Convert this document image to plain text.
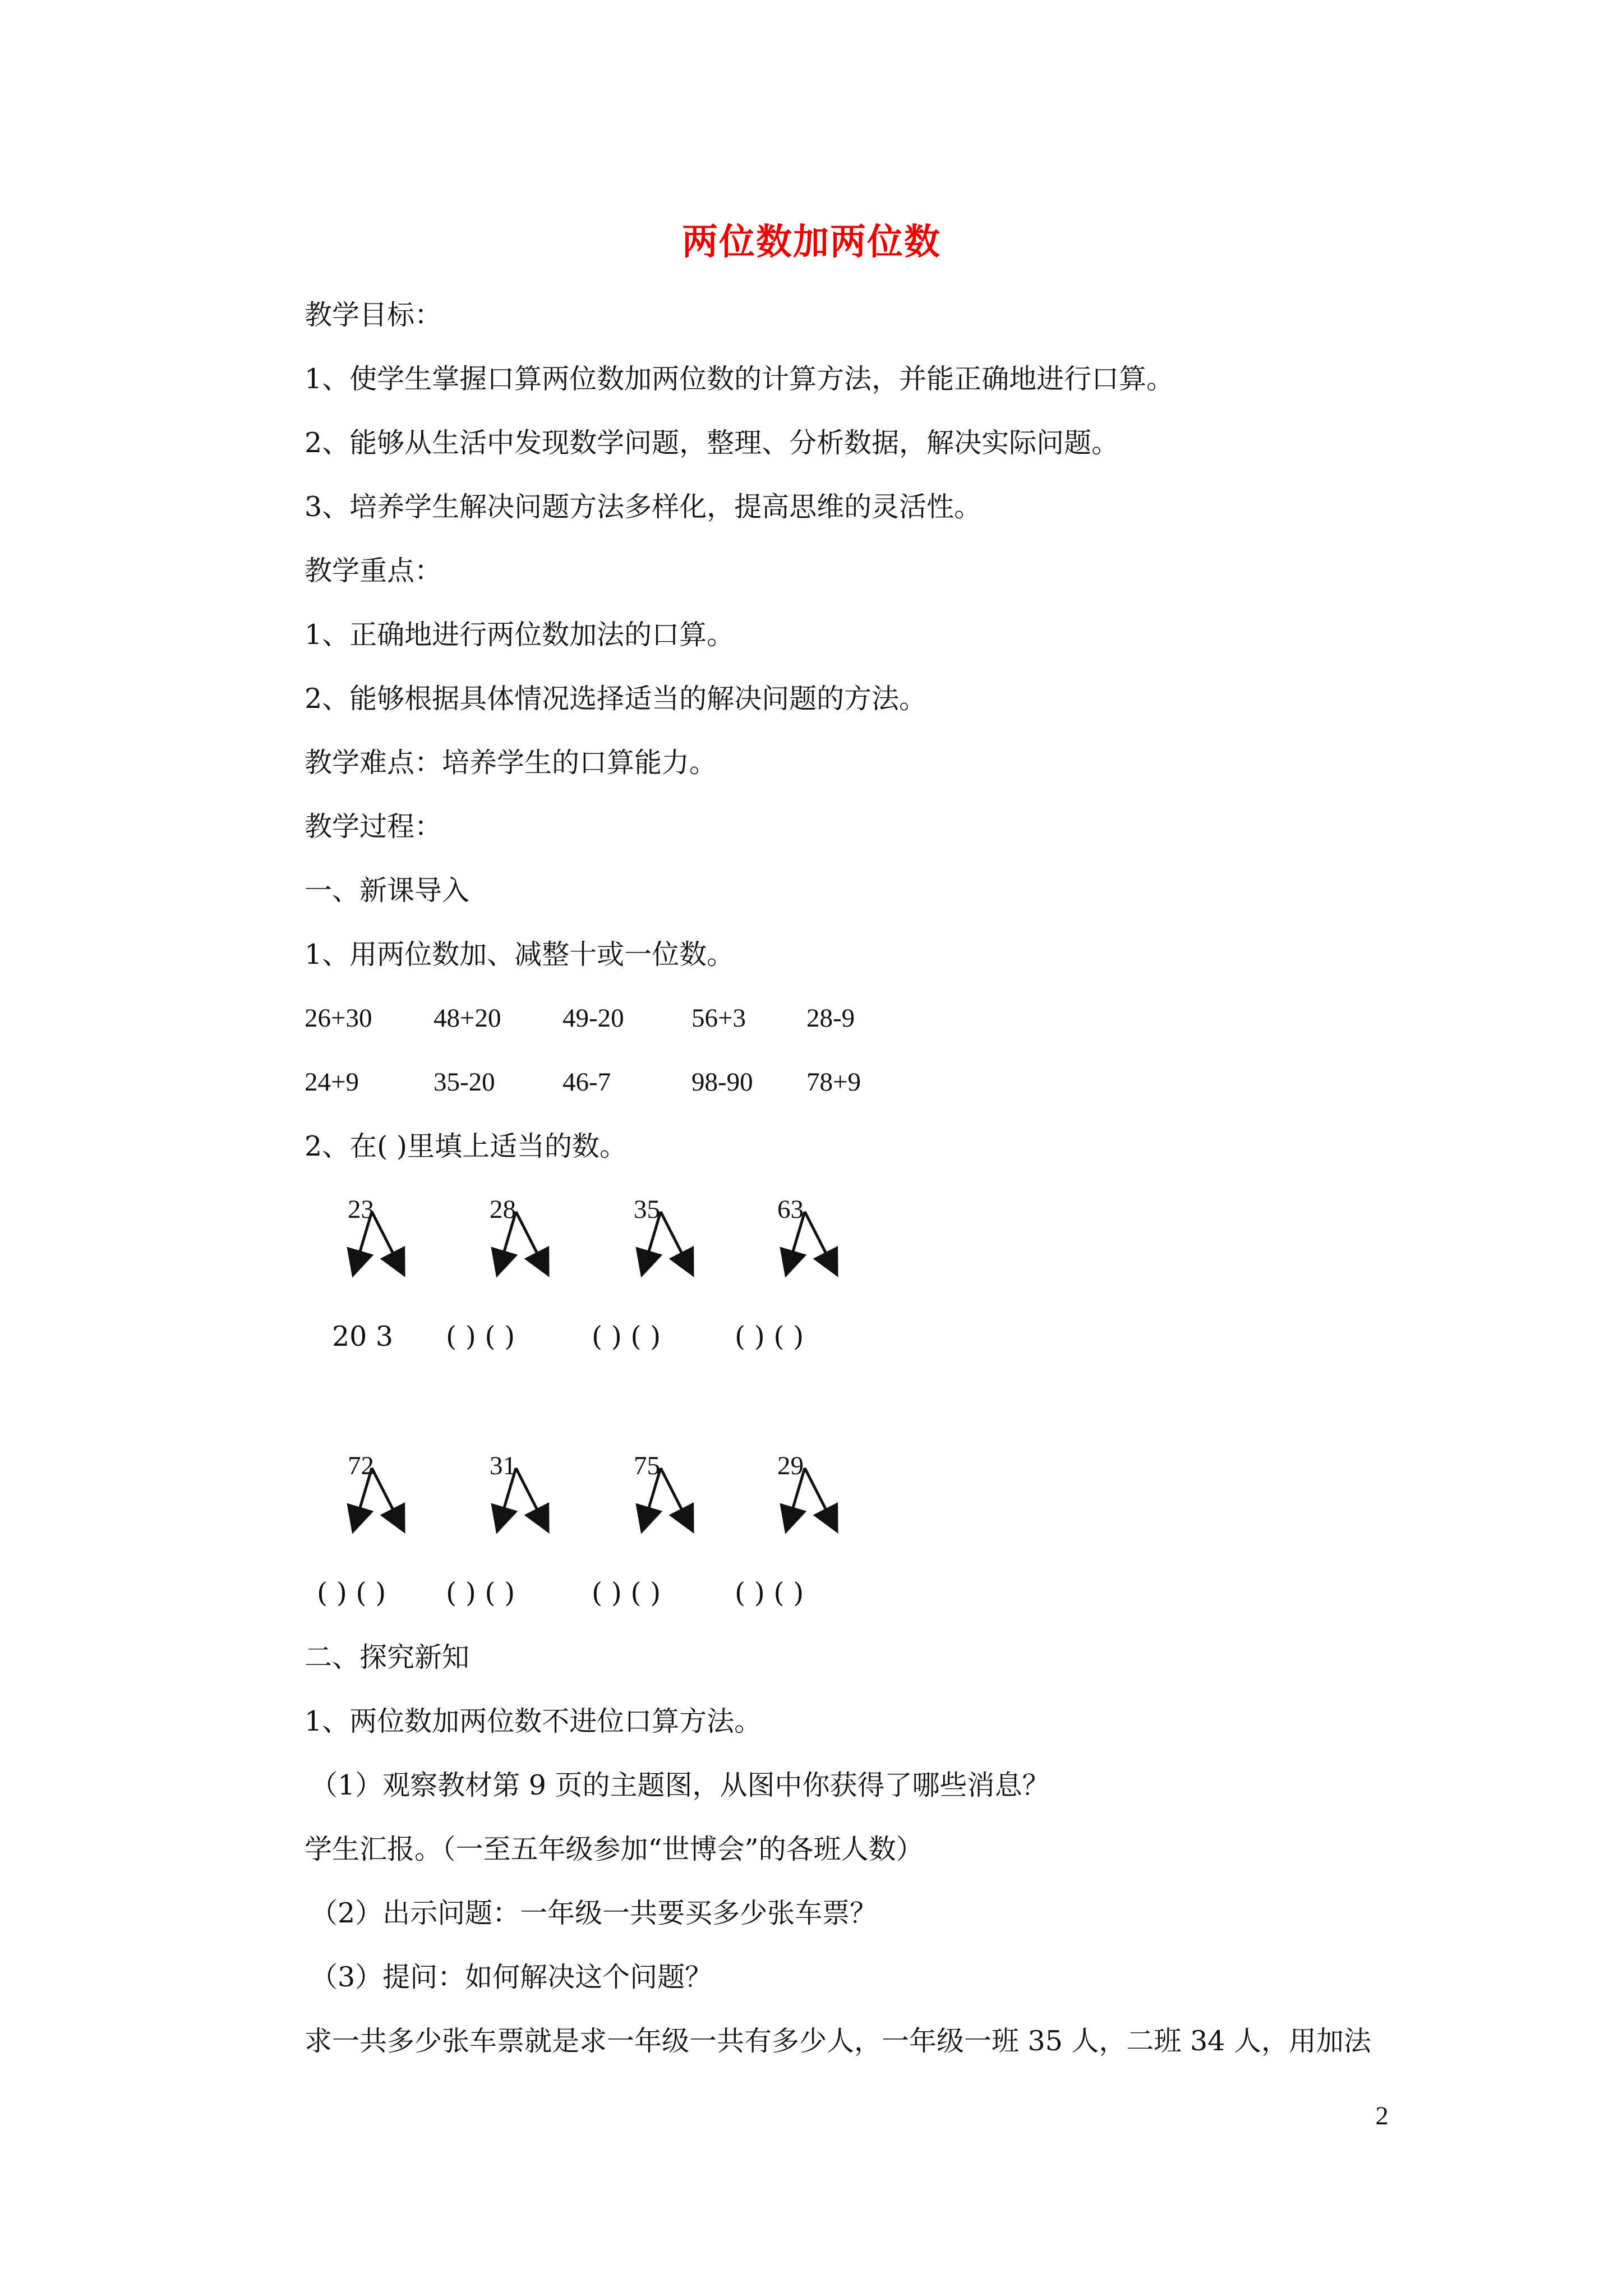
两位数加两位数
教学目标：
1、使学生掌握口算两位数加两位数的计算方法，并能正确地进行口算。
2、能够从生活中发现数学问题，整理、分析数据，解决实际问题。
3、培养学生解决问题方法多样化，提高思维的灵活性。
教学重点：
1、正确地进行两位数加法的口算。
2、能够根据具体情况选择适当的解决问题的方法。
教学难点：培养学生的口算能力。
教学过程：
一、新课导入
1、用两位数加、减整十或一位数。
26+30 48+20 49-20	56+3 28-9
24+9	35-20	46-7	98-90 78+9
2、在( )里填上适当的数。
23	28	35	63
20 3 ( ) ( )	( ) ( )	( ) ( )
72	31	75	29
( ) ( ) ( ) ( )	( ) ( )	( ) ( )
二、探究新知
1、两位数加两位数不进位口算方法。
（1）观察教材第 9 页的主题图，从图中你获得了哪些消息？
学生汇报。（一至五年级参加“世博会”的各班人数）
（2）出示问题：一年级一共要买多少张车票？
（3）提问：如何解决这个问题？
求一共多少张车票就是求一年级一共有多少人，一年级一班 35 人，二班 34 人，用加法
2
